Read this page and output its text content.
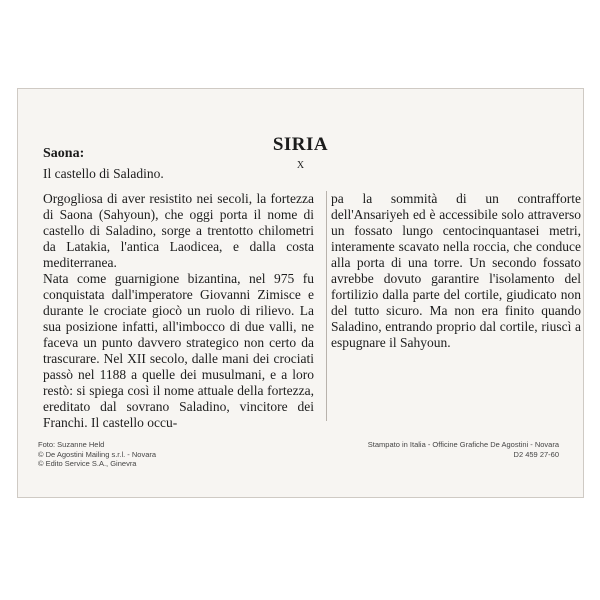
SIRIA
X
Saona:
Il castello di Saladino.

Orgogliosa di aver resistito nei secoli, la fortezza di Saona (Sahyoun), che oggi porta il nome di castello di Saladino, sorge a trentotto chilometri da Latakia, l'antica Laodicea, e dalla costa mediterranea.

Nata come guarnigione bizantina, nel 975 fu conquistata dall'imperatore Giovanni Zimisce e durante le crociate giocò un ruolo di rilievo. La sua posizione infatti, all'imbocco di due valli, ne faceva un punto davvero strategico non certo da trascurare. Nel XII secolo, dalle mani dei crociati passò nel 1188 a quelle dei musulmani, e a loro restò: si spiega così il nome attuale della fortezza, ereditato dal sovrano Saladino, vincitore dei Franchi. Il castello occu-

pa la sommità di un contrafforte dell'Ansariyeh ed è accessibile solo attraverso un fossato lungo centocinquantasei metri, interamente scavato nella roccia, che conduce alla porta di una torre. Un secondo fossato avrebbe dovuto garantire l'isolamento del fortilizio dalla parte del cortile, giudicato non del tutto sicuro. Ma non era finito quando Saladino, entrando proprio dal cortile, riuscì a espugnare il Sahyoun.

Foto: Suzanne Held
© De Agostini Mailing s.r.l. - Novara
© Edito Service S.A., Ginevra
Stampato in Italia - Officine Grafiche De Agostini - Novara
D2 459 27-60
